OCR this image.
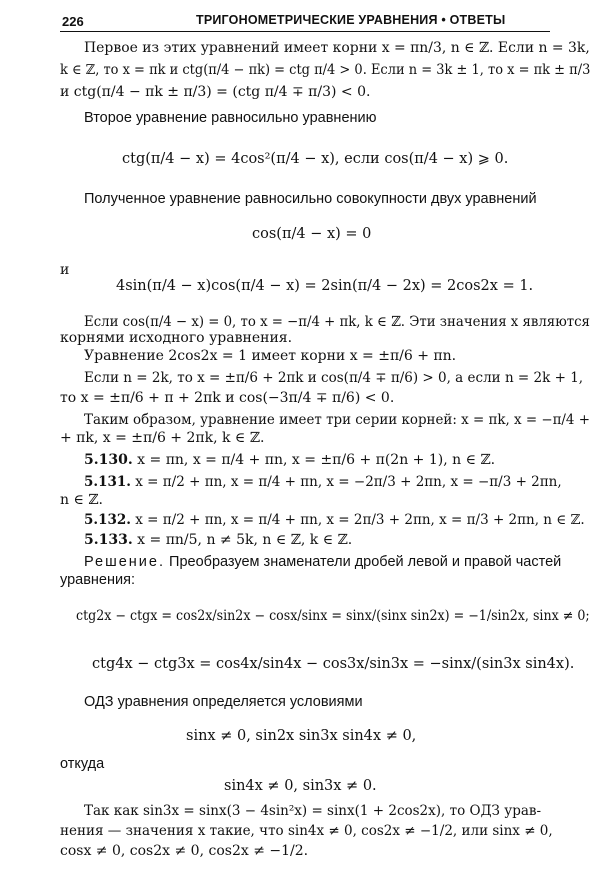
226	ТРИГОНОМЕТРИЧЕСКИЕ УРАВНЕНИЯ • ОТВЕТЫ
Первое из этих уравнений имеет корни x = πn/3, n ∈ ℤ. Если n = 3k,
k ∈ ℤ, то x = πk и ctg(π/4 − πk) = ctg π/4 > 0. Если n = 3k ± 1, то x = πk ± π/3
и ctg(π/4 − πk ± π/3) = (ctg π/4 ∓ π/3) < 0.
Второе уравнение равносильно уравнению
ctg(π/4 − x) = 4cos²(π/4 − x), если cos(π/4 − x) ⩾ 0.
Полученное уравнение равносильно совокупности двух уравнений
cos(π/4 − x) = 0
и
4sin(π/4 − x)cos(π/4 − x) = 2sin(π/4 − 2x) = 2cos2x = 1.
Если cos(π/4 − x) = 0, то x = −π/4 + πk, k ∈ ℤ. Эти значения x являются
корнями исходного уравнения.
Уравнение 2cos2x = 1 имеет корни x = ±π/6 + πn.
Если n = 2k, то x = ±π/6 + 2πk и cos(π/4 ∓ π/6) > 0, а если n = 2k + 1,
то x = ±π/6 + π + 2πk и cos(−3π/4 ∓ π/6) < 0.
Таким образом, уравнение имеет три серии корней: x = πk, x = −π/4 +
+ πk, x = ±π/6 + 2πk, k ∈ ℤ.
5.130. x = πn, x = π/4 + πn, x = ±π/6 + π(2n + 1), n ∈ ℤ.
5.131. x = π/2 + πn, x = π/4 + πn, x = −2π/3 + 2πn, x = −π/3 + 2πn,
n ∈ ℤ.
5.132. x = π/2 + πn, x = π/4 + πn, x = 2π/3 + 2πn, x = π/3 + 2πn, n ∈ ℤ.
5.133. x = πn/5, n ≠ 5k, n ∈ ℤ, k ∈ ℤ.
Решение. Преобразуем знаменатели дробей левой и правой частей
уравнения:
ctg2x − ctgx = cos2x/sin2x − cosx/sinx = sinx/(sinx sin2x) = −1/sin2x, sinx ≠ 0;
ctg4x − ctg3x = cos4x/sin4x − cos3x/sin3x = −sinx/(sin3x sin4x).
ОДЗ уравнения определяется условиями
sinx ≠ 0, sin2x sin3x sin4x ≠ 0,
откуда
sin4x ≠ 0, sin3x ≠ 0.
Так как sin3x = sinx(3 − 4sin²x) = sinx(1 + 2cos2x), то ОДЗ урав-
нения — значения x такие, что sin4x ≠ 0, cos2x ≠ −1/2, или sinx ≠ 0,
cosx ≠ 0, cos2x ≠ 0, cos2x ≠ −1/2.
